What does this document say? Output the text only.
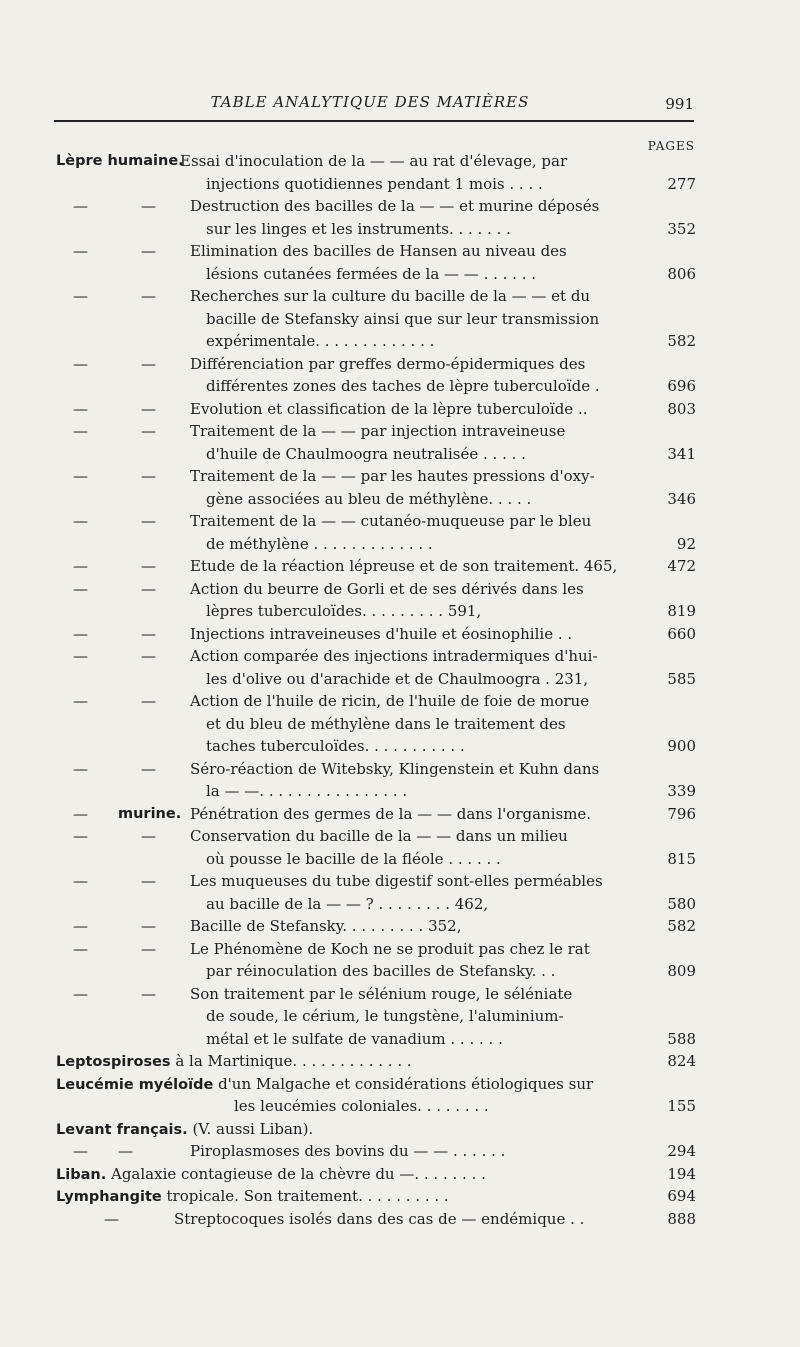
TABLE ANALYTIQUE DES MATIÈRES	991
PAGES
Lèpre humaine.
Essai d'inoculation de la — — au rat d'élevage, par
injections quotidiennes pendant 1 mois . . . .	277
—	— Destruction des bacilles de la — — et murine déposés
sur les linges et les instruments. . . . . . .	352
—	— Elimination des bacilles de Hansen au niveau des
lésions cutanées fermées de la — — . . . . . .	806
—	— Recherches sur la culture du bacille de la — — et du
bacille de Stefansky ainsi que sur leur transmission
expérimentale. . . . . . . . . . . . .	582
—	— Différenciation par greffes dermo-épidermiques des
différentes zones des taches de lèpre tuberculoïde .	696
—	— Evolution et classification de la lèpre tuberculoïde ..	803
—	— Traitement de la — — par injection intraveineuse
d'huile de Chaulmoogra neutralisée . . . . .	341
—	— Traitement de la — — par les hautes pressions d'oxy-
gène associées au bleu de méthylène. . . . .	346
—	— Traitement de la — — cutanéo-muqueuse par le bleu
de méthylène . . . . . . . . . . . . .	92
—	— Etude de la réaction lépreuse et de son traitement. 465,	472
—	— Action du beurre de Gorli et de ses dérivés dans les
lèpres tuberculoïdes. . . . . . . . . 591,	819
—	— Injections intraveineuses d'huile et éosinophilie . .	660
—	— Action comparée des injections intradermiques d'hui-
les d'olive ou d'arachide et de Chaulmoogra . 231,	585
—	— Action de l'huile de ricin, de l'huile de foie de morue
et du bleu de méthylène dans le traitement des
taches tuberculoïdes. . . . . . . . . . .	900
—	— Séro-réaction de Witebsky, Klingenstein et Kuhn dans
la — —. . . . . . . . . . . . . . . .	339
— murine. Pénétration des germes de la — — dans l'organisme.	796
—	— Conservation du bacille de la — — dans un milieu
où pousse le bacille de la fléole . . . . . .	815
—	— Les muqueuses du tube digestif sont-elles perméables
au bacille de la — — ? . . . . . . . . 462,	580
—	— Bacille de Stefansky. . . . . . . . . 352,	582
—	— Le Phénomène de Koch ne se produit pas chez le rat
par réinoculation des bacilles de Stefansky. . .	809
—	— Son traitement par le sélénium rouge, le séléniate
de soude, le cérium, le tungstène, l'aluminium-
métal et le sulfate de vanadium . . . . . .	588
Leptospiroses à la Martinique. . . . . . . . . . . . .	824
Leucémie myéloïde d'un Malgache et considérations étiologiques sur
les leucémies coloniales. . . . . . . .	155
Levant français. (V. aussi Liban).
— —	Piroplasmoses des bovins du — — . . . . . .	294
Liban. Agalaxie contagieuse de la chèvre du —. . . . . . . .	194
Lymphangite tropicale. Son traitement. . . . . . . . . .	694
—	Streptocoques isolés dans des cas de — endémique . .	888
